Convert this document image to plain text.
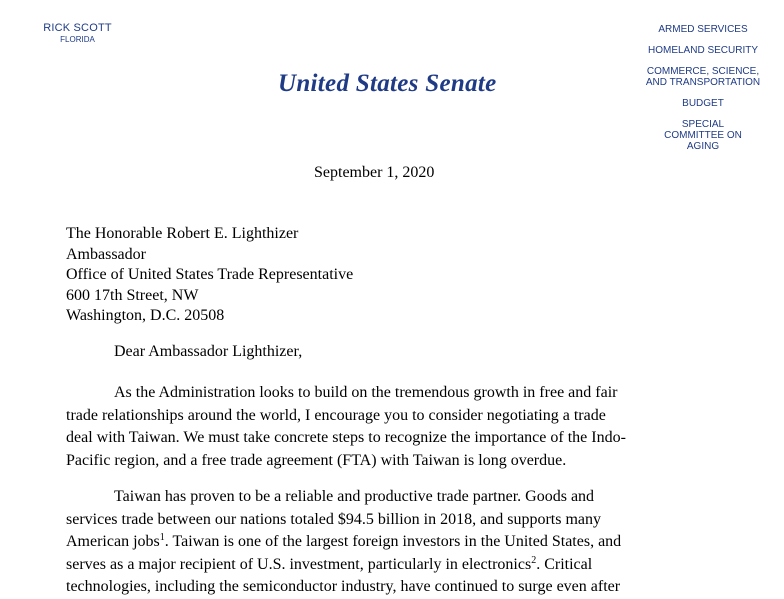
RICK SCOTT
FLORIDA
United States Senate
ARMED SERVICES
HOMELAND SECURITY
COMMERCE, SCIENCE, AND TRANSPORTATION
BUDGET
SPECIAL COMMITTEE ON AGING
September 1, 2020
The Honorable Robert E. Lighthizer
Ambassador
Office of United States Trade Representative
600 17th Street, NW
Washington, D.C. 20508
Dear Ambassador Lighthizer,
As the Administration looks to build on the tremendous growth in free and fair
trade relationships around the world, I encourage you to consider negotiating a trade
deal with Taiwan. We must take concrete steps to recognize the importance of the Indo-
Pacific region, and a free trade agreement (FTA) with Taiwan is long overdue.
Taiwan has proven to be a reliable and productive trade partner. Goods and
services trade between our nations totaled $94.5 billion in 2018, and supports many
American jobs$^1$. Taiwan is one of the largest foreign investors in the United States, and
serves as a major recipient of U.S. investment, particularly in electronics$^2$. Critical
technologies, including the semiconductor industry, have continued to surge even after
